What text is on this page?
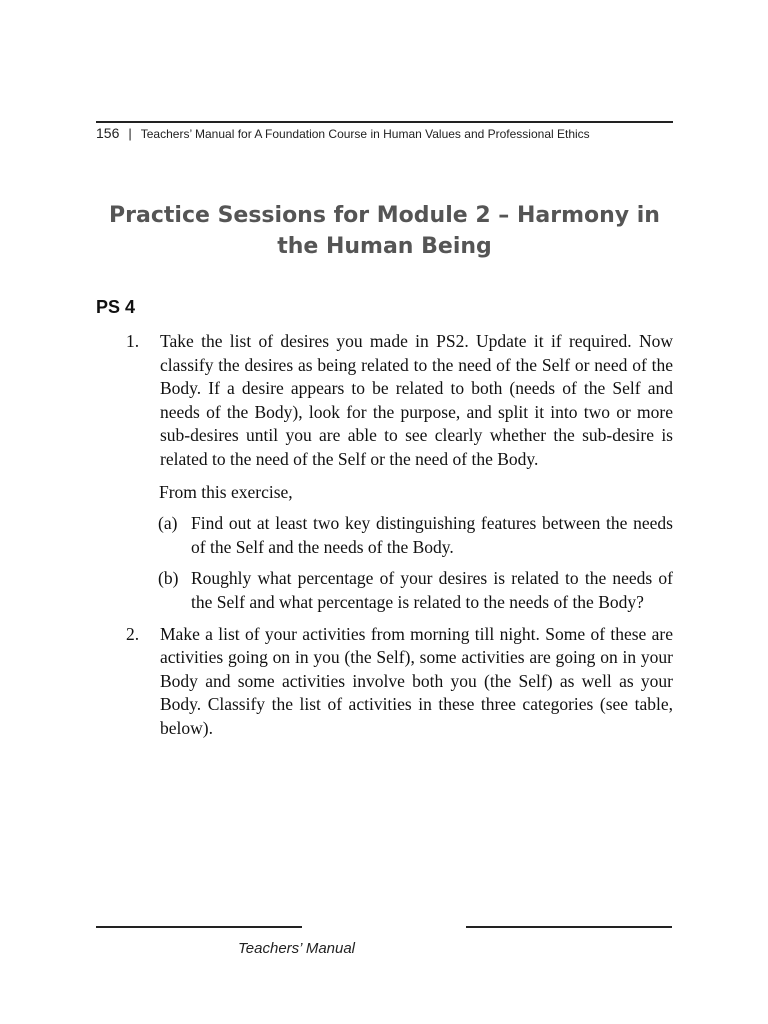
156 | Teachers’ Manual for A Foundation Course in Human Values and Professional Ethics
Practice Sessions for Module 2 – Harmony in the Human Being
PS 4
1. Take the list of desires you made in PS2. Update it if required. Now classify the desires as being related to the need of the Self or need of the Body. If a desire appears to be related to both (needs of the Self and needs of the Body), look for the purpose, and split it into two or more sub-desires until you are able to see clearly whether the sub-desire is related to the need of the Self or the need of the Body.
From this exercise,
(a) Find out at least two key distinguishing features between the needs of the Self and the needs of the Body.
(b) Roughly what percentage of your desires is related to the needs of the Self and what percentage is related to the needs of the Body?
2. Make a list of your activities from morning till night. Some of these are activities going on in you (the Self), some activities are going on in your Body and some activities involve both you (the Self) as well as your Body. Classify the list of activities in these three categories (see table, below).
Teachers’ Manual
